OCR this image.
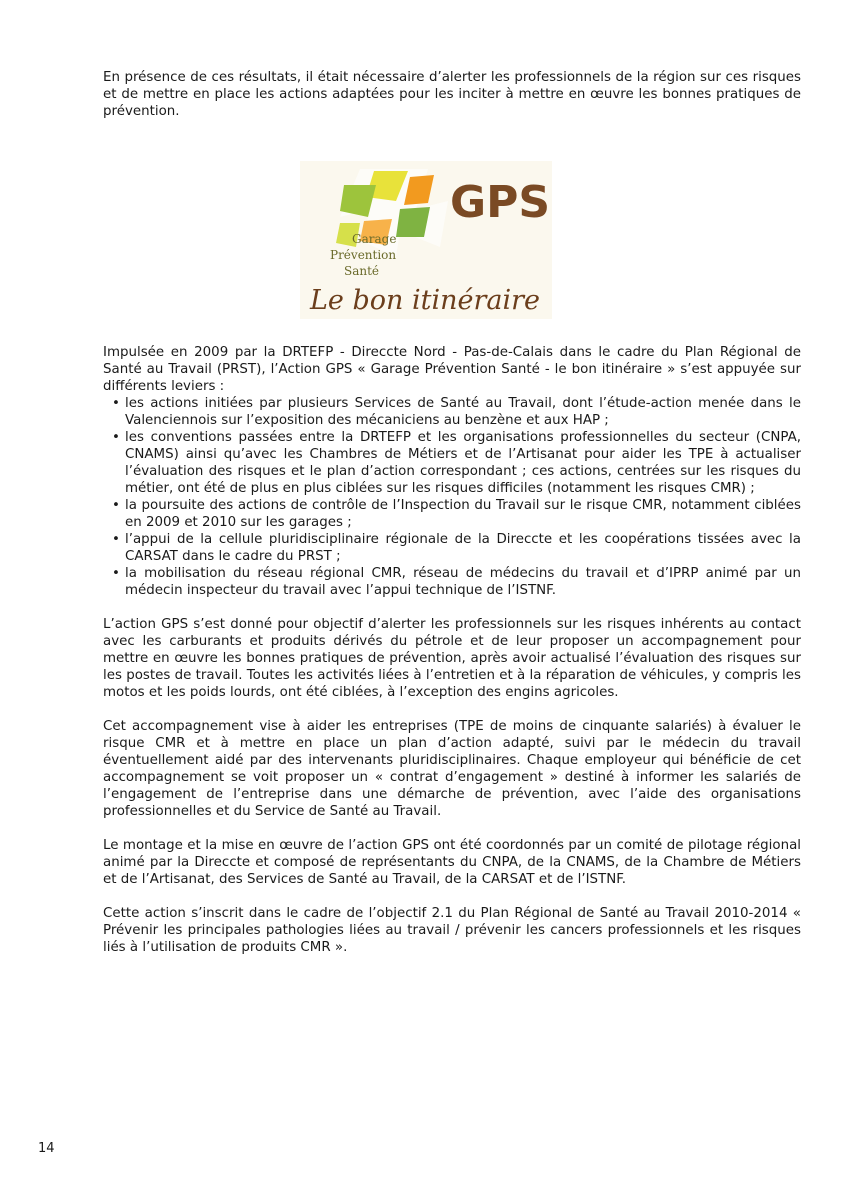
En présence de ces résultats, il était nécessaire d’alerter les professionnels de la région sur ces risques et de mettre en place les actions adaptées pour les inciter à mettre en œuvre les bonnes pratiques de prévention.

GPS
Garage
Prévention
Santé
Le bon itinéraire

Impulsée en 2009 par la DRTEFP - Direccte Nord - Pas-de-Calais dans le cadre du Plan Régional de Santé au Travail (PRST), l’Action GPS « Garage Prévention Santé - le bon itinéraire » s’est appuyée sur différents leviers :

• les actions initiées par plusieurs Services de Santé au Travail, dont l’étude-action menée dans le Valenciennois sur l’exposition des mécaniciens au benzène et aux HAP ;
• les conventions passées entre la DRTEFP et les organisations professionnelles du secteur (CNPA, CNAMS) ainsi qu’avec les Chambres de Métiers et de l’Artisanat pour aider les TPE à actualiser l’évaluation des risques et le plan d’action correspondant ; ces actions, centrées sur les risques du métier, ont été de plus en plus ciblées sur les risques difficiles (notamment les risques CMR) ;
• la poursuite des actions de contrôle de l’Inspection du Travail sur le risque CMR, notamment ciblées en 2009 et 2010 sur les garages ;
• l’appui de la cellule pluridisciplinaire régionale de la Direccte et les coopérations tissées avec la CARSAT dans le cadre du PRST ;
• la mobilisation du réseau régional CMR, réseau de médecins du travail et d’IPRP animé par un médecin inspecteur du travail avec l’appui technique de l’ISTNF.

L’action GPS s’est donné pour objectif d’alerter les professionnels sur les risques inhérents au contact avec les carburants et produits dérivés du pétrole et de leur proposer un accompagnement pour mettre en œuvre les bonnes pratiques de prévention, après avoir actualisé l’évaluation des risques sur les postes de travail. Toutes les activités liées à l’entretien et à la réparation de véhicules, y compris les motos et les poids lourds, ont été ciblées, à l’exception des engins agricoles.

Cet accompagnement vise à aider les entreprises (TPE de moins de cinquante salariés) à évaluer le risque CMR et à mettre en place un plan d’action adapté, suivi par le médecin du travail éventuellement aidé par des intervenants pluridisciplinaires. Chaque employeur qui bénéficie de cet accompagnement se voit proposer un « contrat d’engagement » destiné à informer les salariés de l’engagement de l’entreprise dans une démarche de prévention, avec l’aide des organisations professionnelles et du Service de Santé au Travail.

Le montage et la mise en œuvre de l’action GPS ont été coordonnés par un comité de pilotage régional animé par la Direccte et composé de représentants du CNPA, de la CNAMS, de la Chambre de Métiers et de l’Artisanat, des Services de Santé au Travail, de la CARSAT et de l’ISTNF.

Cette action s’inscrit dans le cadre de l’objectif 2.1 du Plan Régional de Santé au Travail 2010-2014 « Prévenir les principales pathologies liées au travail / prévenir les cancers professionnels et les risques liés à l’utilisation de produits CMR ».

14
